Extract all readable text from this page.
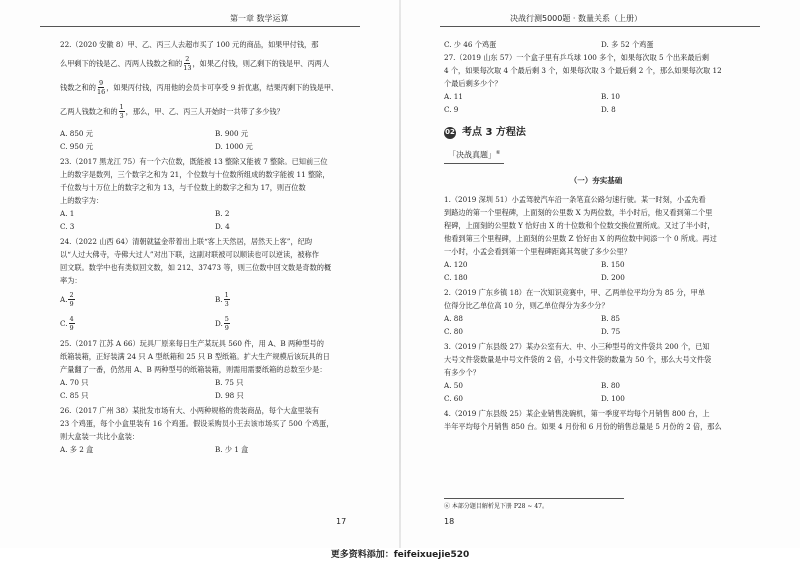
第一章 数学运算

22.（2020 安徽 8）甲、乙、丙三人去超市买了 100 元的商品，如果甲付钱，那

么甲剩下的钱是乙、丙两人钱数之和的 $\frac{2}{13}$ ，如果乙付钱，则乙剩下的钱是甲、丙两人

钱数之和的 $\frac{9}{16}$ ，如果丙付钱，丙用他的会员卡可享受 9 折优惠，结果丙剩下的钱是甲、

乙两人钱数之和的 $\frac{1}{3}$ ，那么，甲、乙、丙三人开始时一共带了多少钱？

A. 850 元	B. 900 元
C. 950 元	D. 1000 元

23.（2017 黑龙江 75）有一个六位数，既能被 13 整除又能被 7 整除。已知前三位

上的数字是数列，三个数字之和为 21，个位数与十位数所组成的数字能被 11 整除，

千位数与十万位上的数字之和为 13，与千位数上的数字之和为 17，则百位数

上的数字为：

A. 1	B. 2
C. 3	D. 4

24.（2022 山西 64）清朝就猛金带着出上联“客上天然居，居然天上客”，纪昀

以“人过大佛寺，寺佛大过人”对出下联，这副对联被可以顺读也可以逆读，被称作

回文联。数学中也有类似回文数，如 212、37473 等，则三位数中回文数是奇数的概

率为：

A. $\frac{2}{9}$	B. $\frac{1}{3}$
C. $\frac{4}{9}$	D. $\frac{5}{9}$

25.（2017 江苏 A 66）玩具厂原来每日生产某玩具 560 件，用 A、B 两种型号的

纸箱装箱，正好装满 24 只 A 型纸箱和 25 只 B 型纸箱。扩大生产规模后该玩具的日

产量翻了一番，仍然用 A、B 两种型号的纸箱装箱，则需用需要纸箱的总数至少是：

A. 70 只	B. 75 只
C. 85 只	D. 98 只

26.（2017 广州 38）某批发市场有大、小两种规格的贵装商品，每个大盒里装有

23 个鸡蛋，每个小盒里装有 16 个鸡蛋。假设采购员小王去该市场买了 500 个鸡蛋，

则大盒装一共比小盒装：

A. 多 2 盒	B. 少 1 盒
17
决战行测5000题 · 数量关系（上册）
C. 少 46 个鸡蛋	D. 多 52 个鸡蛋

27.（2019 山东 57）一个盒子里有乒乓球 100 多个，如果每次取 5 个出来最后剩

4 个，如果每次取 4 个最后剩 3 个，如果每次取 3 个最后剩 2 个，那么如果每次取 12

个最后剩多少个？

A. 11	B. 10
C. 9	D. 8
02 考点 3 方程法
「决战真题」⑥
（一）夯实基础

1.（2019 深圳 51）小孟驾驶汽车沿一条笔直公路匀速行驶。某一时刻，小孟先看

到路边的第一个里程碑，上面刻的公里数 X 为两位数，半小时后，他又看到第二个里

程碑，上面刻的公里数 Y 恰好由 X 的十位数和个位数交换位置所成。又过了半小时，

他看到第三个里程碑，上面刻的公里数 Z 恰好由 X 的两位数中间添一个 0 所成。再过

一小时，小孟会看到第一个里程碑距离其驾驶了多少公里？

A. 120	B. 150
C. 180	D. 200

2.（2019 广东乡镇 18）在一次知识竞赛中，甲、乙两单位平均分为 85 分，甲单

位得分比乙单位高 10 分，则乙单位得分为多少分？

A. 88	B. 85
C. 80	D. 75

3.（2019 广东县级 27）某办公室有大、中、小三种型号的文件袋共 200 个，已知

大号文件袋数量是中号文件袋的 2 倍，小号文件袋的数量为 50 个，那么大号文件袋

有多少个？

A. 50	B. 80
C. 60	D. 100

4.（2019 广东县级 25）某企业销售洗碗机，第一季度平均每个月销售 800 台，上

半年平均每个月销售 850 台。如果 4 月份和 6 月份的销售总量是 5 月份的 2 倍，那么

⑥ 本部分题目解析见下册 P28 ~ 47。
18
更多资料添加：feifeixuejie520
